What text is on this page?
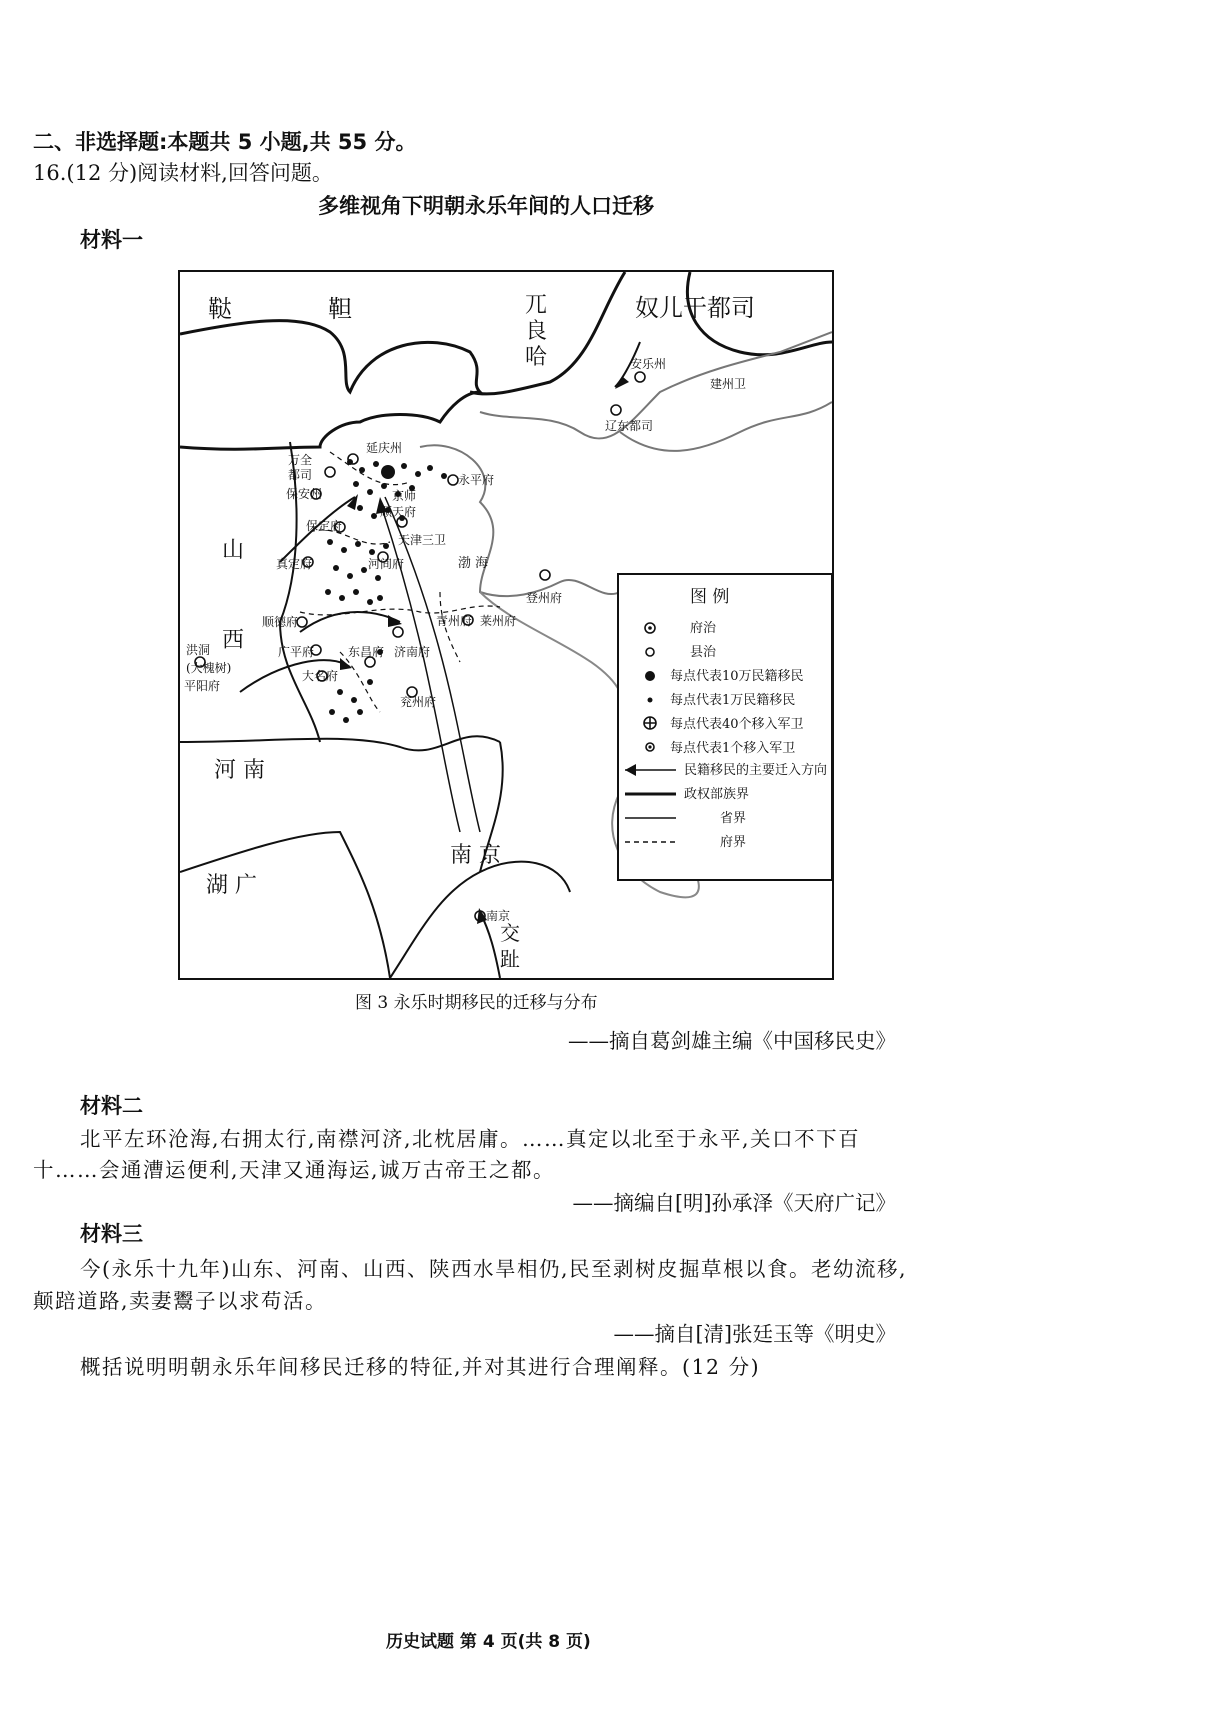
二、非选择题:本题共 5 小题,共 55 分。
16.(12 分)阅读材料,回答问题。
多维视角下明朝永乐年间的人口迁移
材料一
图 例
府治
县治
每点代表10万民籍移民
每点代表1万民籍移民
每点代表40个移入军卫
每点代表1个移入军卫
民籍移民的主要迁入方向
政权部族界
省界
府界
鞑	靼	兀
良
哈
奴儿干都司
山
西
河 南
南 京
湖 广
交
趾
安乐州
建州卫
辽东都司
延庆州
万全
都司
保安州	京师
顺天府
永平府
保定府
天津三卫
渤 海
真定府	河间府
登州府
青州府 莱州府
顺德府
洪洞
(大槐树)
平阳府
广平府	东昌府 济南府
大名府
兖州府
南京
图 3 永乐时期移民的迁移与分布
——摘自葛剑雄主编《中国移民史》
材料二
北平左环沧海,右拥太行,南襟河济,北枕居庸。……真定以北至于永平,关口不下百
十……会通漕运便利,天津又通海运,诚万古帝王之都。
——摘编自[明]孙承泽《天府广记》
材料三
今(永乐十九年)山东、河南、山西、陕西水旱相仍,民至剥树皮掘草根以食。老幼流移,
颠踣道路,卖妻鬻子以求苟活。
——摘自[清]张廷玉等《明史》
概括说明明朝永乐年间移民迁移的特征,并对其进行合理阐释。(12 分)
历史试题 第 4 页(共 8 页)
